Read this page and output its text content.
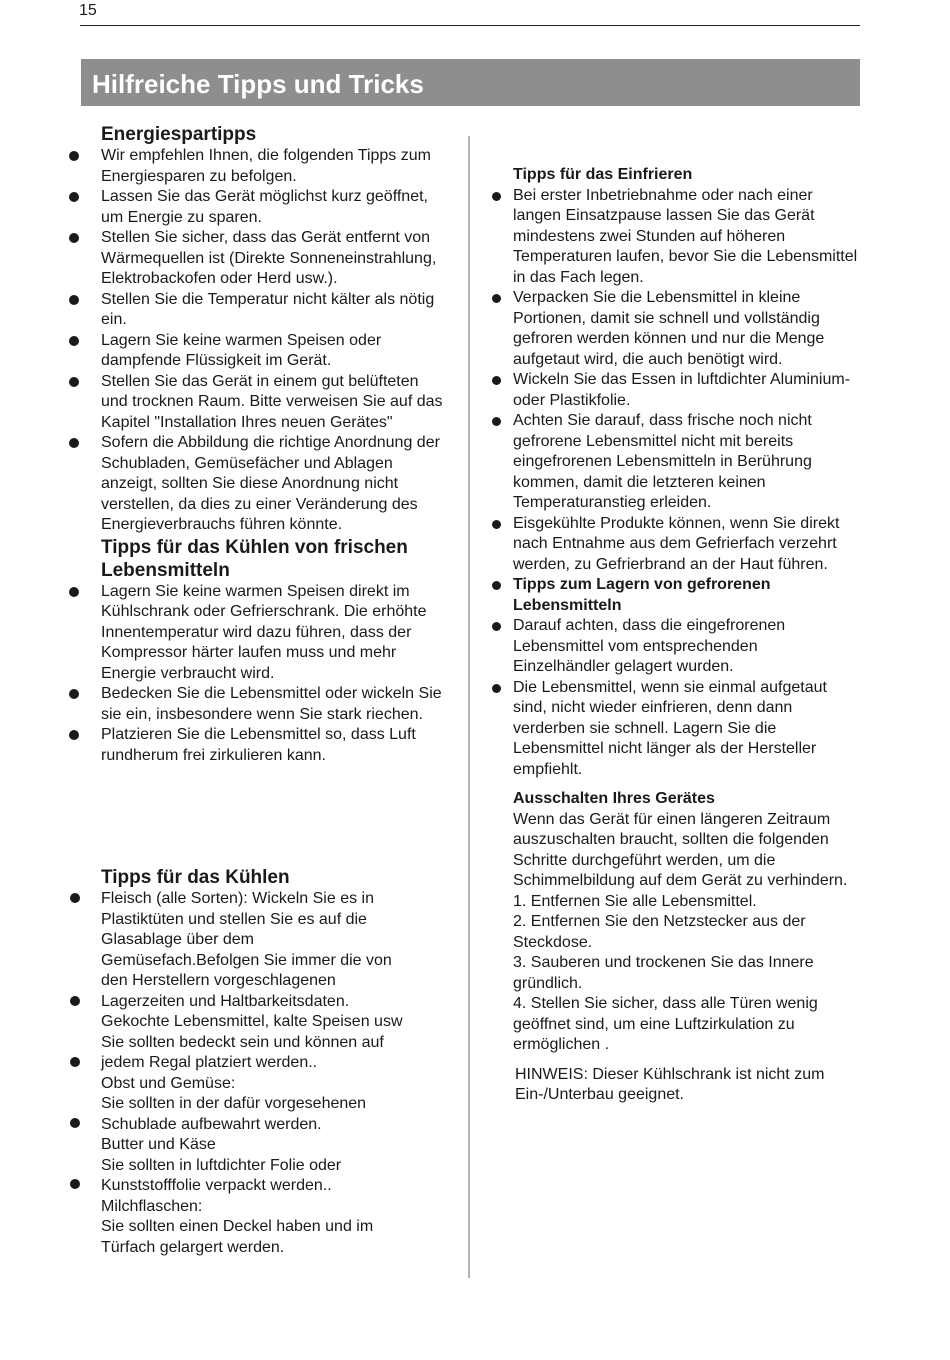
15
Hilfreiche Tipps und Tricks
Energiespartipps
Wir empfehlen Ihnen, die folgenden Tipps zum Energiesparen zu befolgen.
Lassen Sie das Gerät möglichst kurz geöffnet, um Energie zu sparen.
Stellen Sie sicher, dass das Gerät entfernt von Wärmequellen ist (Direkte Sonneneinstrahlung, Elektrobackofen oder Herd usw.).
Stellen Sie die Temperatur nicht kälter als nötig ein.
Lagern Sie keine warmen Speisen oder dampfende Flüssigkeit im Gerät.
Stellen Sie das Gerät in einem gut belüfteten und trocknen Raum. Bitte verweisen Sie auf das Kapitel "Installation Ihres neuen Gerätes"
Sofern die Abbildung die richtige Anordnung der Schubladen, Gemüsefächer und Ablagen anzeigt, sollten Sie diese Anordnung nicht verstellen, da dies zu einer Veränderung des Energieverbrauchs führen könnte.
Tipps für das Kühlen von frischen Lebensmitteln
Lagern Sie keine warmen Speisen direkt im Kühlschrank oder Gefrierschrank. Die erhöhte Innentemperatur wird dazu führen, dass der Kompressor härter laufen muss und mehr Energie verbraucht wird.
Bedecken Sie die Lebensmittel oder wickeln Sie sie ein, insbesondere wenn Sie stark riechen.
Platzieren Sie die Lebensmittel so, dass Luft rundherum frei zirkulieren kann.
Tipps für das Kühlen
Fleisch (alle Sorten): Wickeln Sie es in
Plastiktüten und stellen Sie es auf die
Glasablage über dem
Gemüsefach.Befolgen Sie immer die von
den Herstellern vorgeschlagenen
Lagerzeiten und Haltbarkeitsdaten.
Gekochte Lebensmittel, kalte Speisen usw
Sie sollten bedeckt sein und können auf
jedem Regal platziert werden..
Obst und Gemüse:
Sie sollten in der dafür vorgesehenen
Schublade aufbewahrt werden.
Butter und Käse
Sie sollten in luftdichter Folie oder
Kunststofffolie verpackt werden..
Milchflaschen:
Sie sollten einen Deckel haben und im
Türfach gelargert werden.
Tipps für das Einfrieren
Bei erster Inbetriebnahme oder nach einer langen Einsatzpause lassen Sie das Gerät mindestens zwei Stunden auf höheren Temperaturen laufen, bevor Sie die Lebensmittel in das Fach legen.
Verpacken Sie die Lebensmittel in kleine Portionen, damit sie schnell und vollständig gefroren werden können und nur die Menge aufgetaut wird, die auch benötigt wird.
Wickeln Sie das Essen in luftdichter Aluminium- oder Plastikfolie.
Achten Sie darauf, dass frische noch nicht gefrorene Lebensmittel nicht mit bereits eingefrorenen Lebensmitteln in Berührung kommen, damit die letzteren keinen Temperaturanstieg erleiden.
Eisgekühlte Produkte können, wenn Sie direkt nach Entnahme aus dem Gefrierfach verzehrt werden, zu Gefrierbrand an der Haut führen.
Tipps zum Lagern von gefrorenen Lebensmitteln
Darauf achten, dass die eingefrorenen Lebensmittel vom entsprechenden Einzelhändler gelagert wurden.
Die Lebensmittel, wenn sie einmal aufgetaut sind, nicht wieder einfrieren, denn dann verderben sie schnell. Lagern Sie die Lebensmittel nicht länger als der Hersteller empfiehlt.
Ausschalten Ihres Gerätes

Wenn das Gerät für einen längeren Zeitraum auszuschalten braucht, sollten die folgenden Schritte durchgeführt werden, um die Schimmelbildung auf dem Gerät zu verhindern.

1. Entfernen Sie alle Lebensmittel.

2. Entfernen Sie den Netzstecker aus der Steckdose.

3. Sauberen und trockenen Sie das Innere gründlich.

4. Stellen Sie sicher, dass alle Türen wenig geöffnet sind, um eine Luftzirkulation zu ermöglichen .

HINWEIS: Dieser Kühlschrank ist nicht zum Ein-/Unterbau geeignet.
